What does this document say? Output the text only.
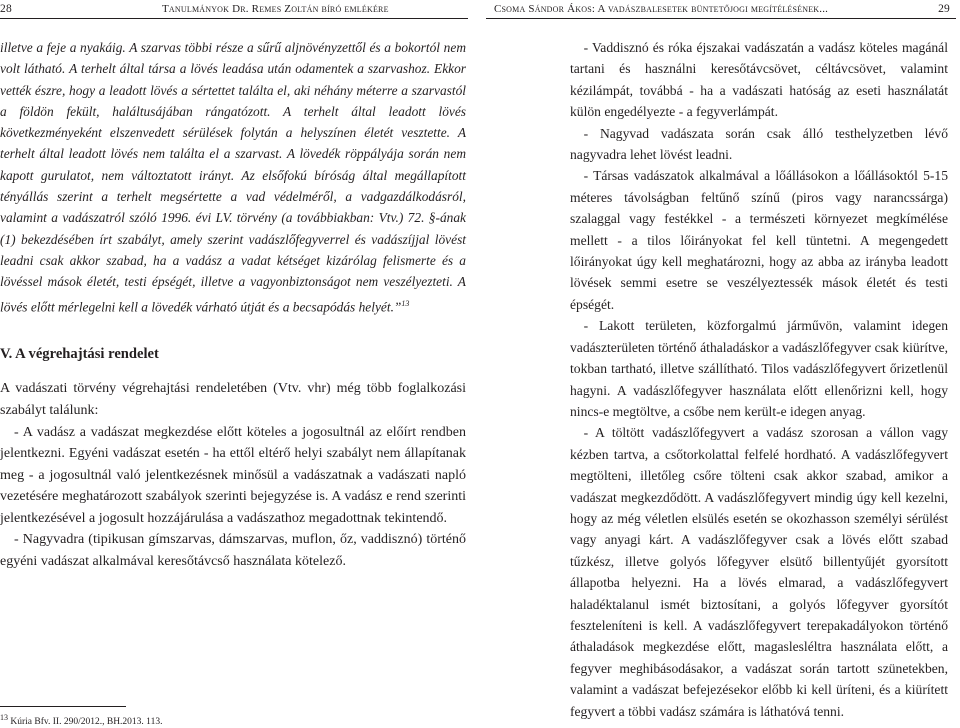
28	Tanulmányok Dr. Remes Zoltán bíró emlékére

illetve a feje a nyakáig. A szarvas többi része a sűrű aljnövényzettől és a bokortól nem volt látható. A terhelt által társa a lövés leadása után odamentek a szarvashoz. Ekkor vették észre, hogy a leadott lövés a sértettet találta el, aki néhány méterre a szarvastól a földön fekült, haláltusájában rángatózott. A terhelt által leadott lövés következményeként elszenvedett sérülések folytán a helyszínen életét vesztette. A terhelt által leadott lövés nem találta el a szarvast. A lövedék röppályája során nem kapott gurulatot, nem változtatott irányt. Az elsőfokú bíróság által megállapított tényállás szerint a terhelt megsértette a vad védelméről, a vadgazdálkodásról, valamint a vadászatról szóló 1996. évi LV. törvény (a továbbiakban: Vtv.) 72. §-ának (1) bekezdésében írt szabályt, amely szerint vadászlőfegyverrel és vadászíjjal lövést leadni csak akkor szabad, ha a vadász a vadat kétséget kizárólag felismerte és a lövéssel mások életét, testi épségét, illetve a vagyonbiztonságot nem veszélyezteti. A lövés előtt mérlegelni kell a lövedék várható útját és a becsapódás helyét.”$^{13}$

V. A végrehajtási rendelet

A vadászati törvény végrehajtási rendeletében (Vtv. vhr) még több foglalkozási szabályt találunk:

- A vadász a vadászat megkezdése előtt köteles a jogosultnál az előírt rendben jelentkezni. Egyéni vadászat esetén - ha ettől eltérő helyi szabályt nem állapítanak meg - a jogosultnál való jelentkezésnek minősül a vadászatnak a vadászati napló vezetésére meghatározott szabályok szerinti bejegyzése is. A vadász e rend szerinti jelentkezésével a jogosult hozzájárulása a vadászathoz megadottnak tekintendő.

- Nagyvadra (tipikusan gímszarvas, dámszarvas, muflon, őz, vaddisznó) történő egyéni vadászat alkalmával keresőtávcső használata kötelező.

$^{13}$ Kúria Bfv. II. 290/2012., BH.2013. 113.
Csoma Sándor Ákos: A vadászbalesetek büntetőjogi megítélésének...	29

- Vaddisznó és róka éjszakai vadászatán a vadász köteles magánál tartani és használni keresőtávcsövet, céltávcsövet, valamint kézilámpát, továbbá - ha a vadászati hatóság az eseti használatát külön engedélyezte - a fegyverlámpát.

- Nagyvad vadászata során csak álló testhelyzetben lévő nagyvadra lehet lövést leadni.

- Társas vadászatok alkalmával a lőállásokon a lőállásoktól 5-15 méteres távolságban feltűnő színű (piros vagy narancssárga) szalaggal vagy festékkel - a természeti környezet megkímélése mellett - a tilos lőirányokat fel kell tüntetni. A megengedett lőirányokat úgy kell meghatározni, hogy az abba az irányba leadott lövések semmi esetre se veszélyeztessék mások életét és testi épségét.

- Lakott területen, közforgalmú járművön, valamint idegen vadászterületen történő áthaladáskor a vadászlőfegyver csak kiürítve, tokban tartható, illetve szállítható. Tilos vadászlőfegyvert őrizetlenül hagyni. A vadászlőfegyver használata előtt ellenőrizni kell, hogy nincs-e megtöltve, a csőbe nem került-e idegen anyag.

- A töltött vadászlőfegyvert a vadász szorosan a vállon vagy kézben tartva, a csőtorkolattal felfelé hordható. A vadászlőfegyvert megtölteni, illetőleg csőre tölteni csak akkor szabad, amikor a vadászat megkezdődött. A vadászlőfegyvert mindig úgy kell kezelni, hogy az még véletlen elsülés esetén se okozhasson személyi sérülést vagy anyagi kárt. A vadászlőfegyver csak a lövés előtt szabad tűzkész, illetve golyós lőfegyver elsütő billentyűjét gyorsított állapotba helyezni. Ha a lövés elmarad, a vadászlőfegyvert haladéktalanul ismét biztosítani, a golyós lőfegyver gyorsítót feszteleníteni is kell. A vadászlőfegyvert terepakadályokon történő áthaladások megkezdése előtt, magaslesléltra használata előtt, a fegyver meghibásodásakor, a vadászat során tartott szünetekben, valamint a vadászat befejezésekor előbb ki kell üríteni, és a kiürített fegyvert a többi vadász számára is láthatóvá tenni.
